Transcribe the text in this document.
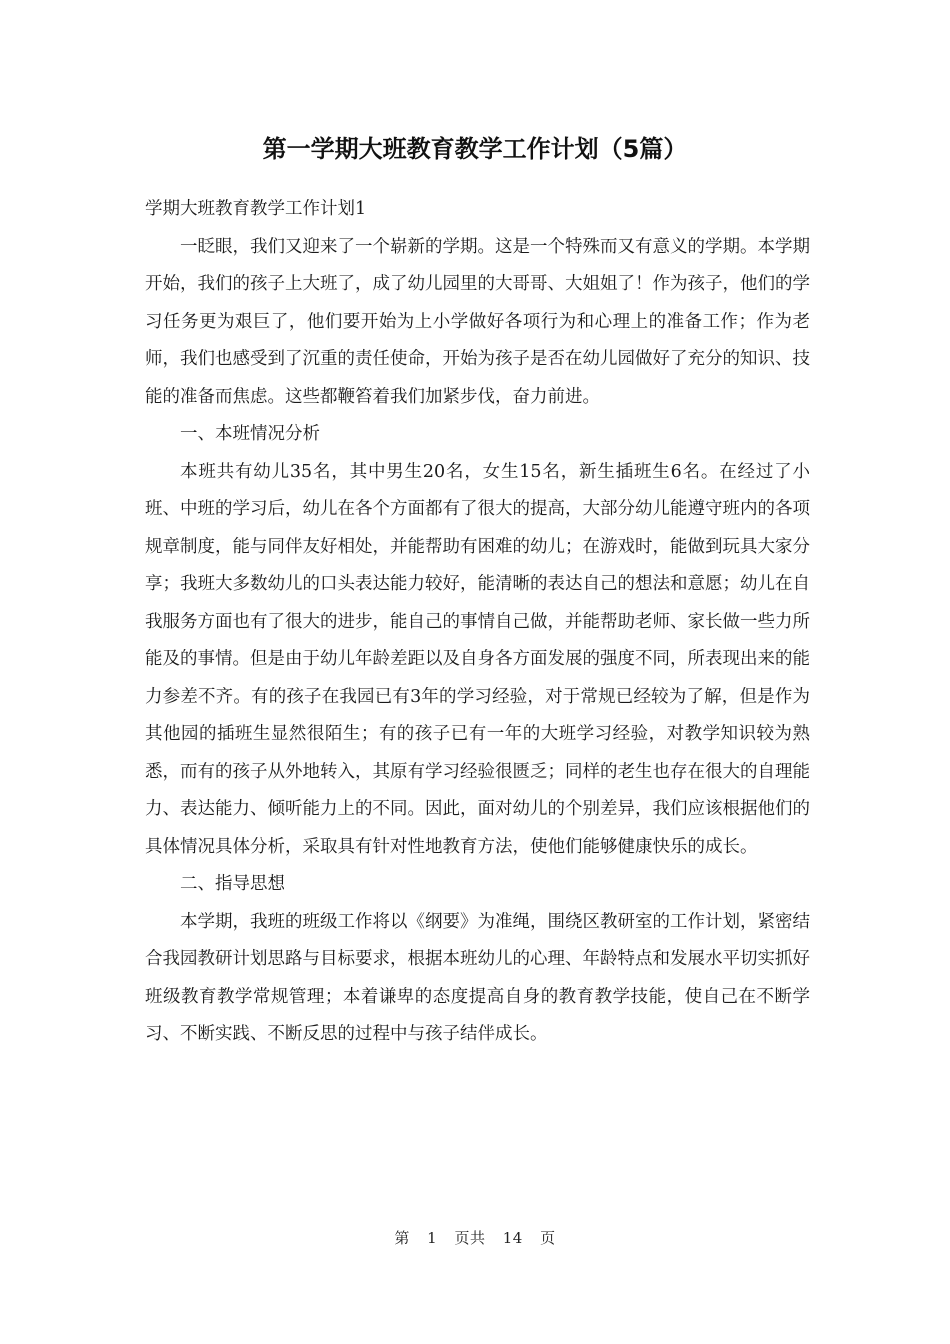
第一学期大班教育教学工作计划（5篇）

学期大班教育教学工作计划1

一眨眼，我们又迎来了一个崭新的学期。这是一个特殊而又有意义的学期。本学期开始，我们的孩子上大班了，成了幼儿园里的大哥哥、大姐姐了！作为孩子，他们的学习任务更为艰巨了，他们要开始为上小学做好各项行为和心理上的准备工作；作为老师，我们也感受到了沉重的责任使命，开始为孩子是否在幼儿园做好了充分的知识、技能的准备而焦虑。这些都鞭笞着我们加紧步伐，奋力前进。

一、本班情况分析

本班共有幼儿35名，其中男生20名，女生15名，新生插班生6名。在经过了小班、中班的学习后，幼儿在各个方面都有了很大的提高，大部分幼儿能遵守班内的各项规章制度，能与同伴友好相处，并能帮助有困难的幼儿；在游戏时，能做到玩具大家分享；我班大多数幼儿的口头表达能力较好，能清晰的表达自己的想法和意愿；幼儿在自我服务方面也有了很大的进步，能自己的事情自己做，并能帮助老师、家长做一些力所能及的事情。但是由于幼儿年龄差距以及自身各方面发展的强度不同，所表现出来的能力参差不齐。有的孩子在我园已有3年的学习经验，对于常规已经较为了解，但是作为其他园的插班生显然很陌生；有的孩子已有一年的大班学习经验，对教学知识较为熟悉，而有的孩子从外地转入，其原有学习经验很匮乏；同样的老生也存在很大的自理能力、表达能力、倾听能力上的不同。因此，面对幼儿的个别差异，我们应该根据他们的具体情况具体分析，采取具有针对性地教育方法，使他们能够健康快乐的成长。

二、指导思想

本学期，我班的班级工作将以《纲要》为准绳，围绕区教研室的工作计划，紧密结合我园教研计划思路与目标要求，根据本班幼儿的心理、年龄特点和发展水平切实抓好班级教育教学常规管理；本着谦卑的态度提高自身的教育教学技能，使自己在不断学习、不断实践、不断反思的过程中与孩子结伴成长。

第 1 页共 14 页
